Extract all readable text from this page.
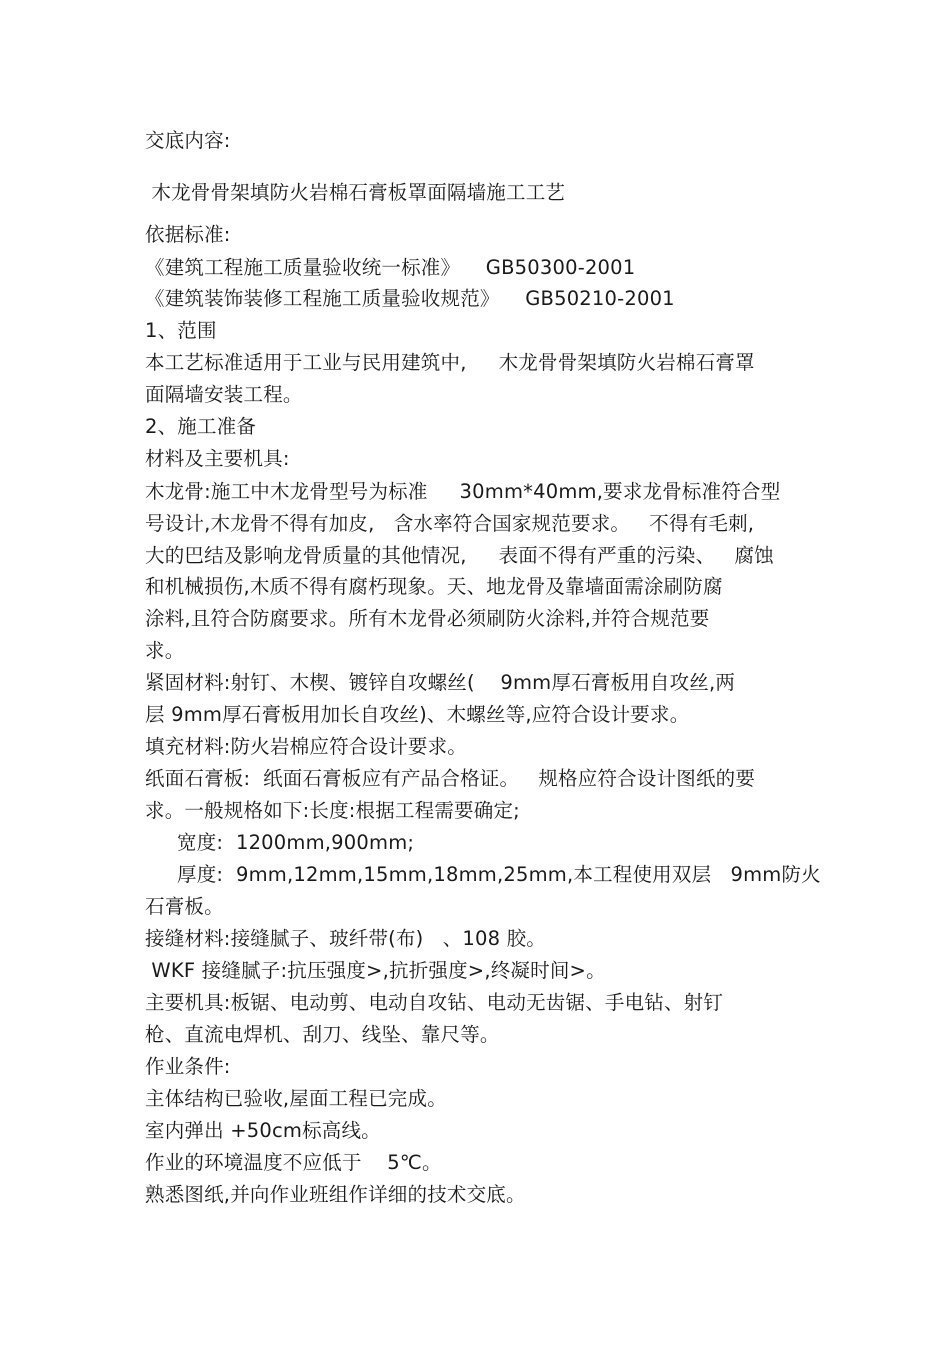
交底内容:
木龙骨骨架填防火岩棉石膏板罩面隔墙施工工艺
依据标准:
《建筑工程施工质量验收统一标准》    GB50300-2001
《建筑装饰装修工程施工质量验收规范》    GB50210-2001
1、范围
本工艺标准适用于工业与民用建筑中,     木龙骨骨架填防火岩棉石膏罩
面隔墙安装工程。
2、施工准备
材料及主要机具:
木龙骨:施工中木龙骨型号为标准     30mm*40mm,要求龙骨标准符合型
号设计,木龙骨不得有加皮,   含水率符合国家规范要求。   不得有毛刺,
大的巴结及影响龙骨质量的其他情况,     表面不得有严重的污染、   腐蚀
和机械损伤,木质不得有腐朽现象。天、地龙骨及靠墙面需涂刷防腐
涂料,且符合防腐要求。所有木龙骨必须刷防火涂料,并符合规范要
求。
紧固材料:射钉、木楔、镀锌自攻螺丝(    9mm厚石膏板用自攻丝,两
层 9mm厚石膏板用加长自攻丝)、木螺丝等,应符合设计要求。
填充材料:防火岩棉应符合设计要求。
纸面石膏板:  纸面石膏板应有产品合格证。   规格应符合设计图纸的要
求。一般规格如下:长度:根据工程需要确定;
宽度:  1200mm,900mm;
厚度:  9mm,12mm,15mm,18mm,25mm,本工程使用双层   9mm防火
石膏板。
接缝材料:接缝腻子、玻纤带(布)   、108 胶。
WKF 接缝腻子:抗压强度>,抗折强度>,终凝时间>。
主要机具:板锯、电动剪、电动自攻钻、电动无齿锯、手电钻、射钉
枪、直流电焊机、刮刀、线坠、靠尺等。
作业条件:
主体结构已验收,屋面工程已完成。
室内弹出 +50cm标高线。
作业的环境温度不应低于    5℃。
熟悉图纸,并向作业班组作详细的技术交底。
